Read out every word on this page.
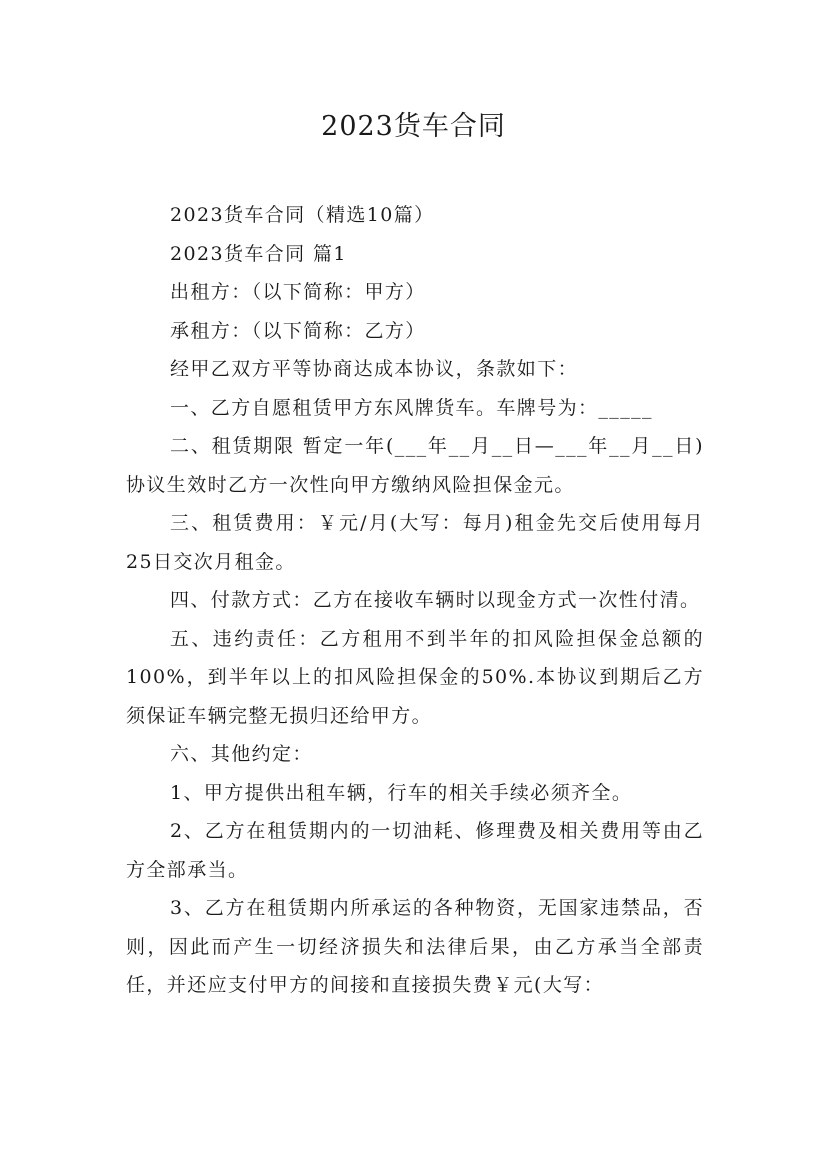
2023货车合同

2023货车合同（精选10篇）

2023货车合同 篇1

出租方：（以下简称：甲方）

承租方：（以下简称：乙方）

经甲乙双方平等协商达成本协议，条款如下：

一、乙方自愿租赁甲方东风牌货车。车牌号为：_____

二、租赁期限 暂定一年(___年__月__日—___年__月__日)协议生效时乙方一次性向甲方缴纳风险担保金元。

三、租赁费用：￥元/月(大写：每月)租金先交后使用每月25日交次月租金。

四、付款方式：乙方在接收车辆时以现金方式一次性付清。

五、违约责任：乙方租用不到半年的扣风险担保金总额的100%，到半年以上的扣风险担保金的50%.本协议到期后乙方须保证车辆完整无损归还给甲方。

六、其他约定：

1、甲方提供出租车辆，行车的相关手续必须齐全。

2、乙方在租赁期内的一切油耗、修理费及相关费用等由乙方全部承当。

3、乙方在租赁期内所承运的各种物资，无国家违禁品，否则，因此而产生一切经济损失和法律后果，由乙方承当全部责任，并还应支付甲方的间接和直接损失费￥元(大写：
